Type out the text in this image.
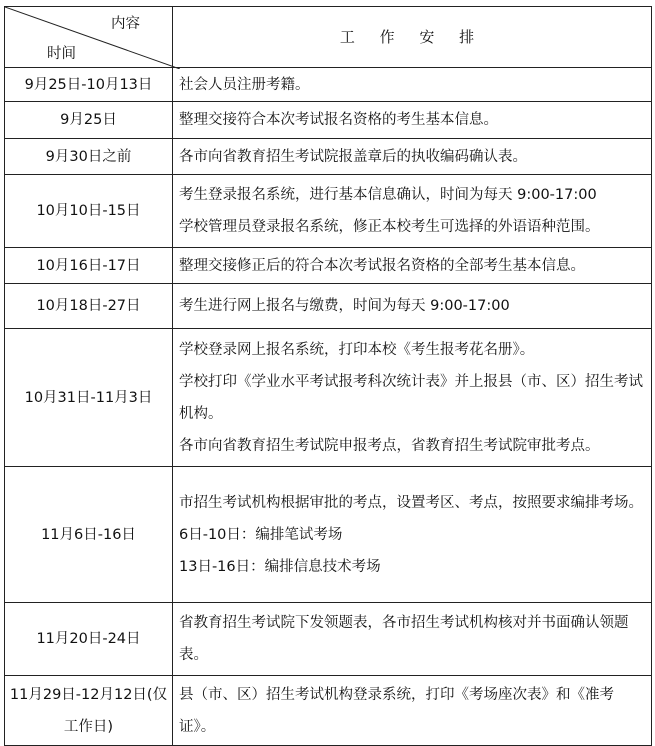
内容
时间	工 作 安 排
9月25日-10月13日	社会人员注册考籍。

9月25日	整理交接符合本次考试报名资格的考生基本信息。

9月30日之前	各市向省教育招生考试院报盖章后的执收编码确认表。

10月10日-15日	考生登录报名系统，进行基本信息确认，时间为每天 9:00-17:00
学校管理员登录报名系统，修正本校考生可选择的外语语种范围。

10月16日-17日	整理交接修正后的符合本次考试报名资格的全部考生基本信息。

10月18日-27日	考生进行网上报名与缴费，时间为每天 9:00-17:00

10月31日-11月3日	学校登录网上报名系统，打印本校《考生报考花名册》。
学校打印《学业水平考试报考科次统计表》并上报县（市、区）招生考试机构。
各市向省教育招生考试院申报考点，省教育招生考试院审批考点。

11月6日-16日	市招生考试机构根据审批的考点，设置考区、考点，按照要求编排考场。
6日-10日：编排笔试考场
13日-16日：编排信息技术考场

11月20日-24日	省教育招生考试院下发领题表，各市招生考试机构核对并书面确认领题表。

11月29日-12月12日(仅工作日)	县（市、区）招生考试机构登录系统，打印《考场座次表》和《准考证》。
